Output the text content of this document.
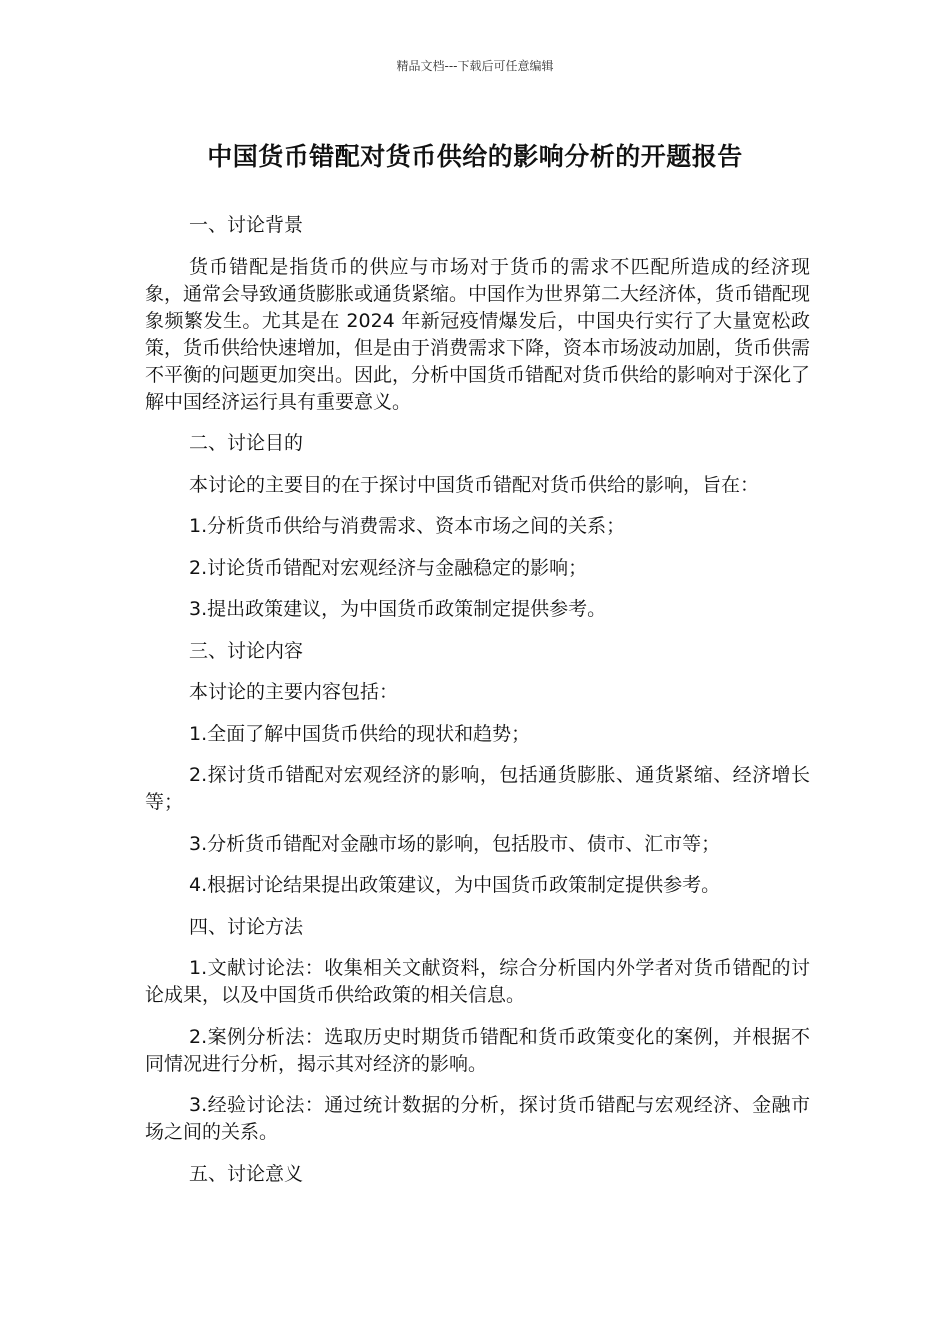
精品文档---下载后可任意编辑
中国货币错配对货币供给的影响分析的开题报告

一、讨论背景

货币错配是指货币的供应与市场对于货币的需求不匹配所造成的经济现象，通常会导致通货膨胀或通货紧缩。中国作为世界第二大经济体，货币错配现象频繁发生。尤其是在 2024 年新冠疫情爆发后，中国央行实行了大量宽松政策，货币供给快速增加，但是由于消费需求下降，资本市场波动加剧，货币供需不平衡的问题更加突出。因此，分析中国货币错配对货币供给的影响对于深化了解中国经济运行具有重要意义。

二、讨论目的

本讨论的主要目的在于探讨中国货币错配对货币供给的影响，旨在：

1.分析货币供给与消费需求、资本市场之间的关系；

2.讨论货币错配对宏观经济与金融稳定的影响；

3.提出政策建议，为中国货币政策制定提供参考。

三、讨论内容

本讨论的主要内容包括：

1.全面了解中国货币供给的现状和趋势；

2.探讨货币错配对宏观经济的影响，包括通货膨胀、通货紧缩、经济增长等；

3.分析货币错配对金融市场的影响，包括股市、债市、汇市等；

4.根据讨论结果提出政策建议，为中国货币政策制定提供参考。

四、讨论方法

1.文献讨论法：收集相关文献资料，综合分析国内外学者对货币错配的讨论成果，以及中国货币供给政策的相关信息。

2.案例分析法：选取历史时期货币错配和货币政策变化的案例，并根据不同情况进行分析，揭示其对经济的影响。

3.经验讨论法：通过统计数据的分析，探讨货币错配与宏观经济、金融市场之间的关系。

五、讨论意义
